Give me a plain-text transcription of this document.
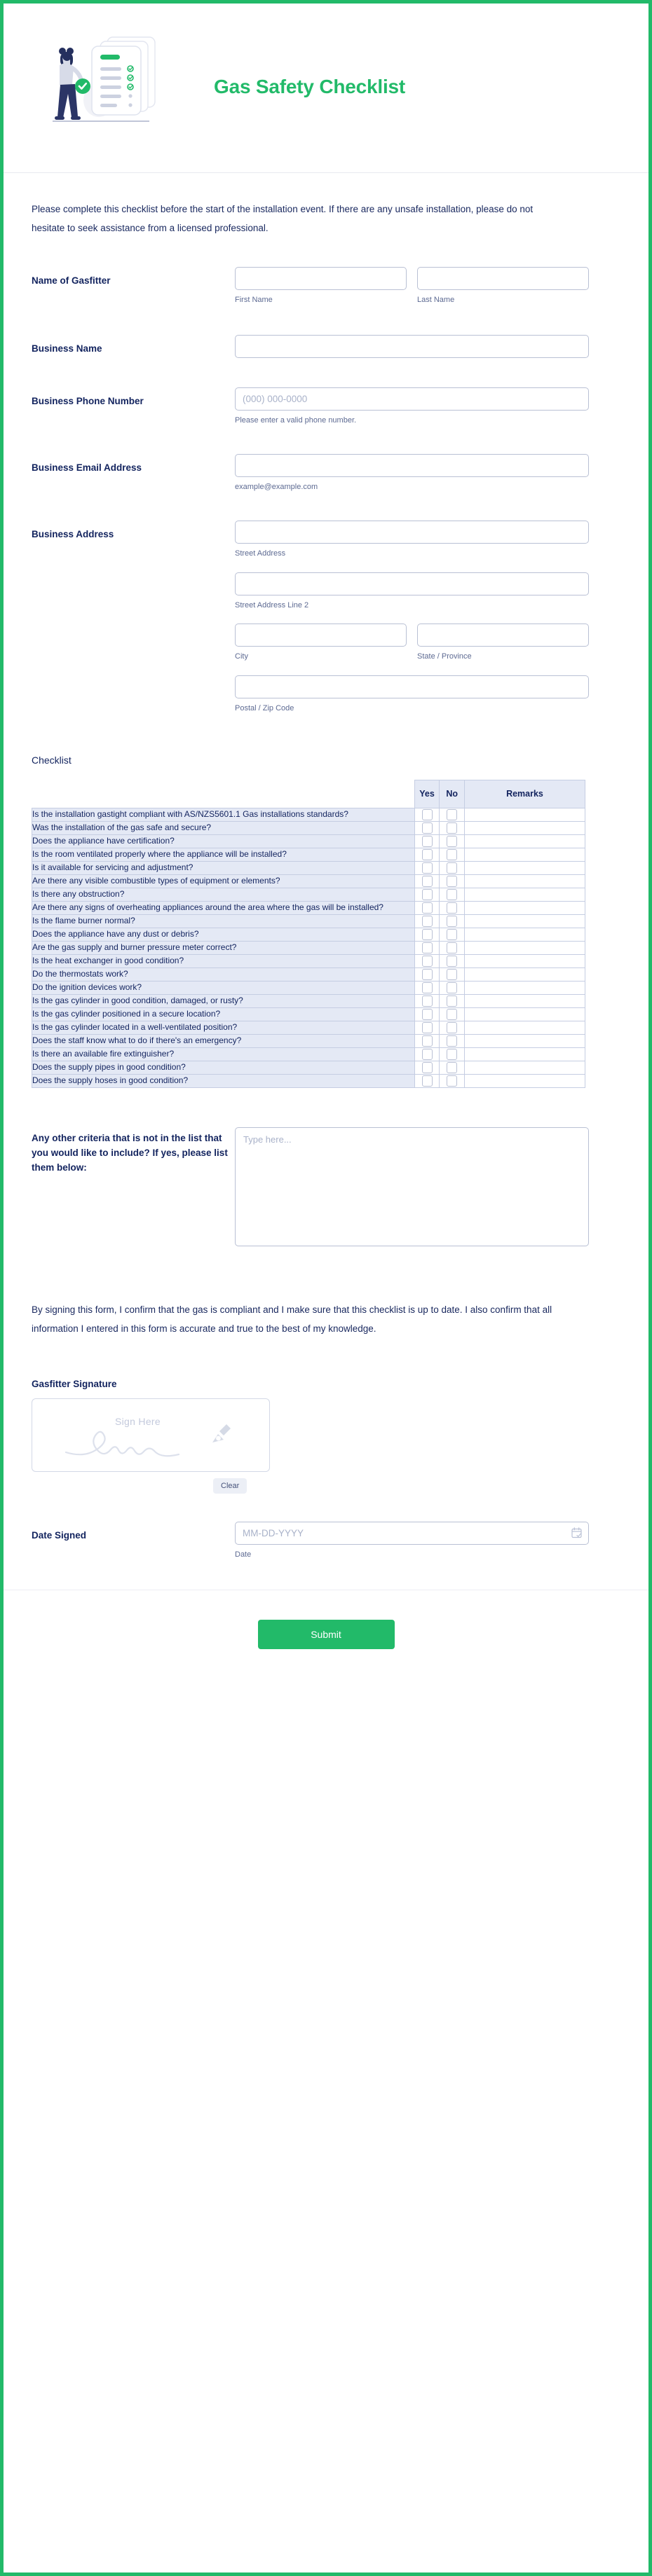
Gas Safety Checklist

Please complete this checklist before the start of the installation event. If there are any unsafe installation, please do not hesitate to seek assistance from a licensed professional.

Name of Gasfitter
First Name	Last Name
Business Name
Business Phone Number
(000) 000-0000
Please enter a valid phone number.
Business Email Address
example@example.com
Business Address
Street Address
Street Address Line 2
City	State / Province
Postal / Zip Code
Checklist
	Yes	No	Remarks
Is the installation gastight compliant with AS/NZS5601.1 Gas installations standards?			
Was the installation of the gas safe and secure?			
Does the appliance have certification?			
Is the room ventilated properly where the appliance will be installed?			
Is it available for servicing and adjustment?			
Are there any visible combustible types of equipment or elements?			
Is there any obstruction?			
Are there any signs of overheating appliances around the area where the gas will be installed?			
Is the flame burner normal?			
Does the appliance have any dust or debris?			
Are the gas supply and burner pressure meter correct?			
Is the heat exchanger in good condition?			
Do the thermostats work?			
Do the ignition devices work?			
Is the gas cylinder in good condition, damaged, or rusty?			
Is the gas cylinder positioned in a secure location?			
Is the gas cylinder located in a well-ventilated position?			
Does the staff know what to do if there's an emergency?			
Is there an available fire extinguisher?			
Does the supply pipes in good condition?			
Does the supply hoses in good condition?			
Any other criteria that is not in the list that you would like to include? If yes, please list them below:
Type here...

By signing this form, I confirm that the gas is compliant and I make sure that this checklist is up to date. I also confirm that all information I entered in this form is accurate and true to the best of my knowledge.

Gasfitter Signature
Sign Here
Clear
Date Signed
MM-DD-YYYY
Date
Submit
